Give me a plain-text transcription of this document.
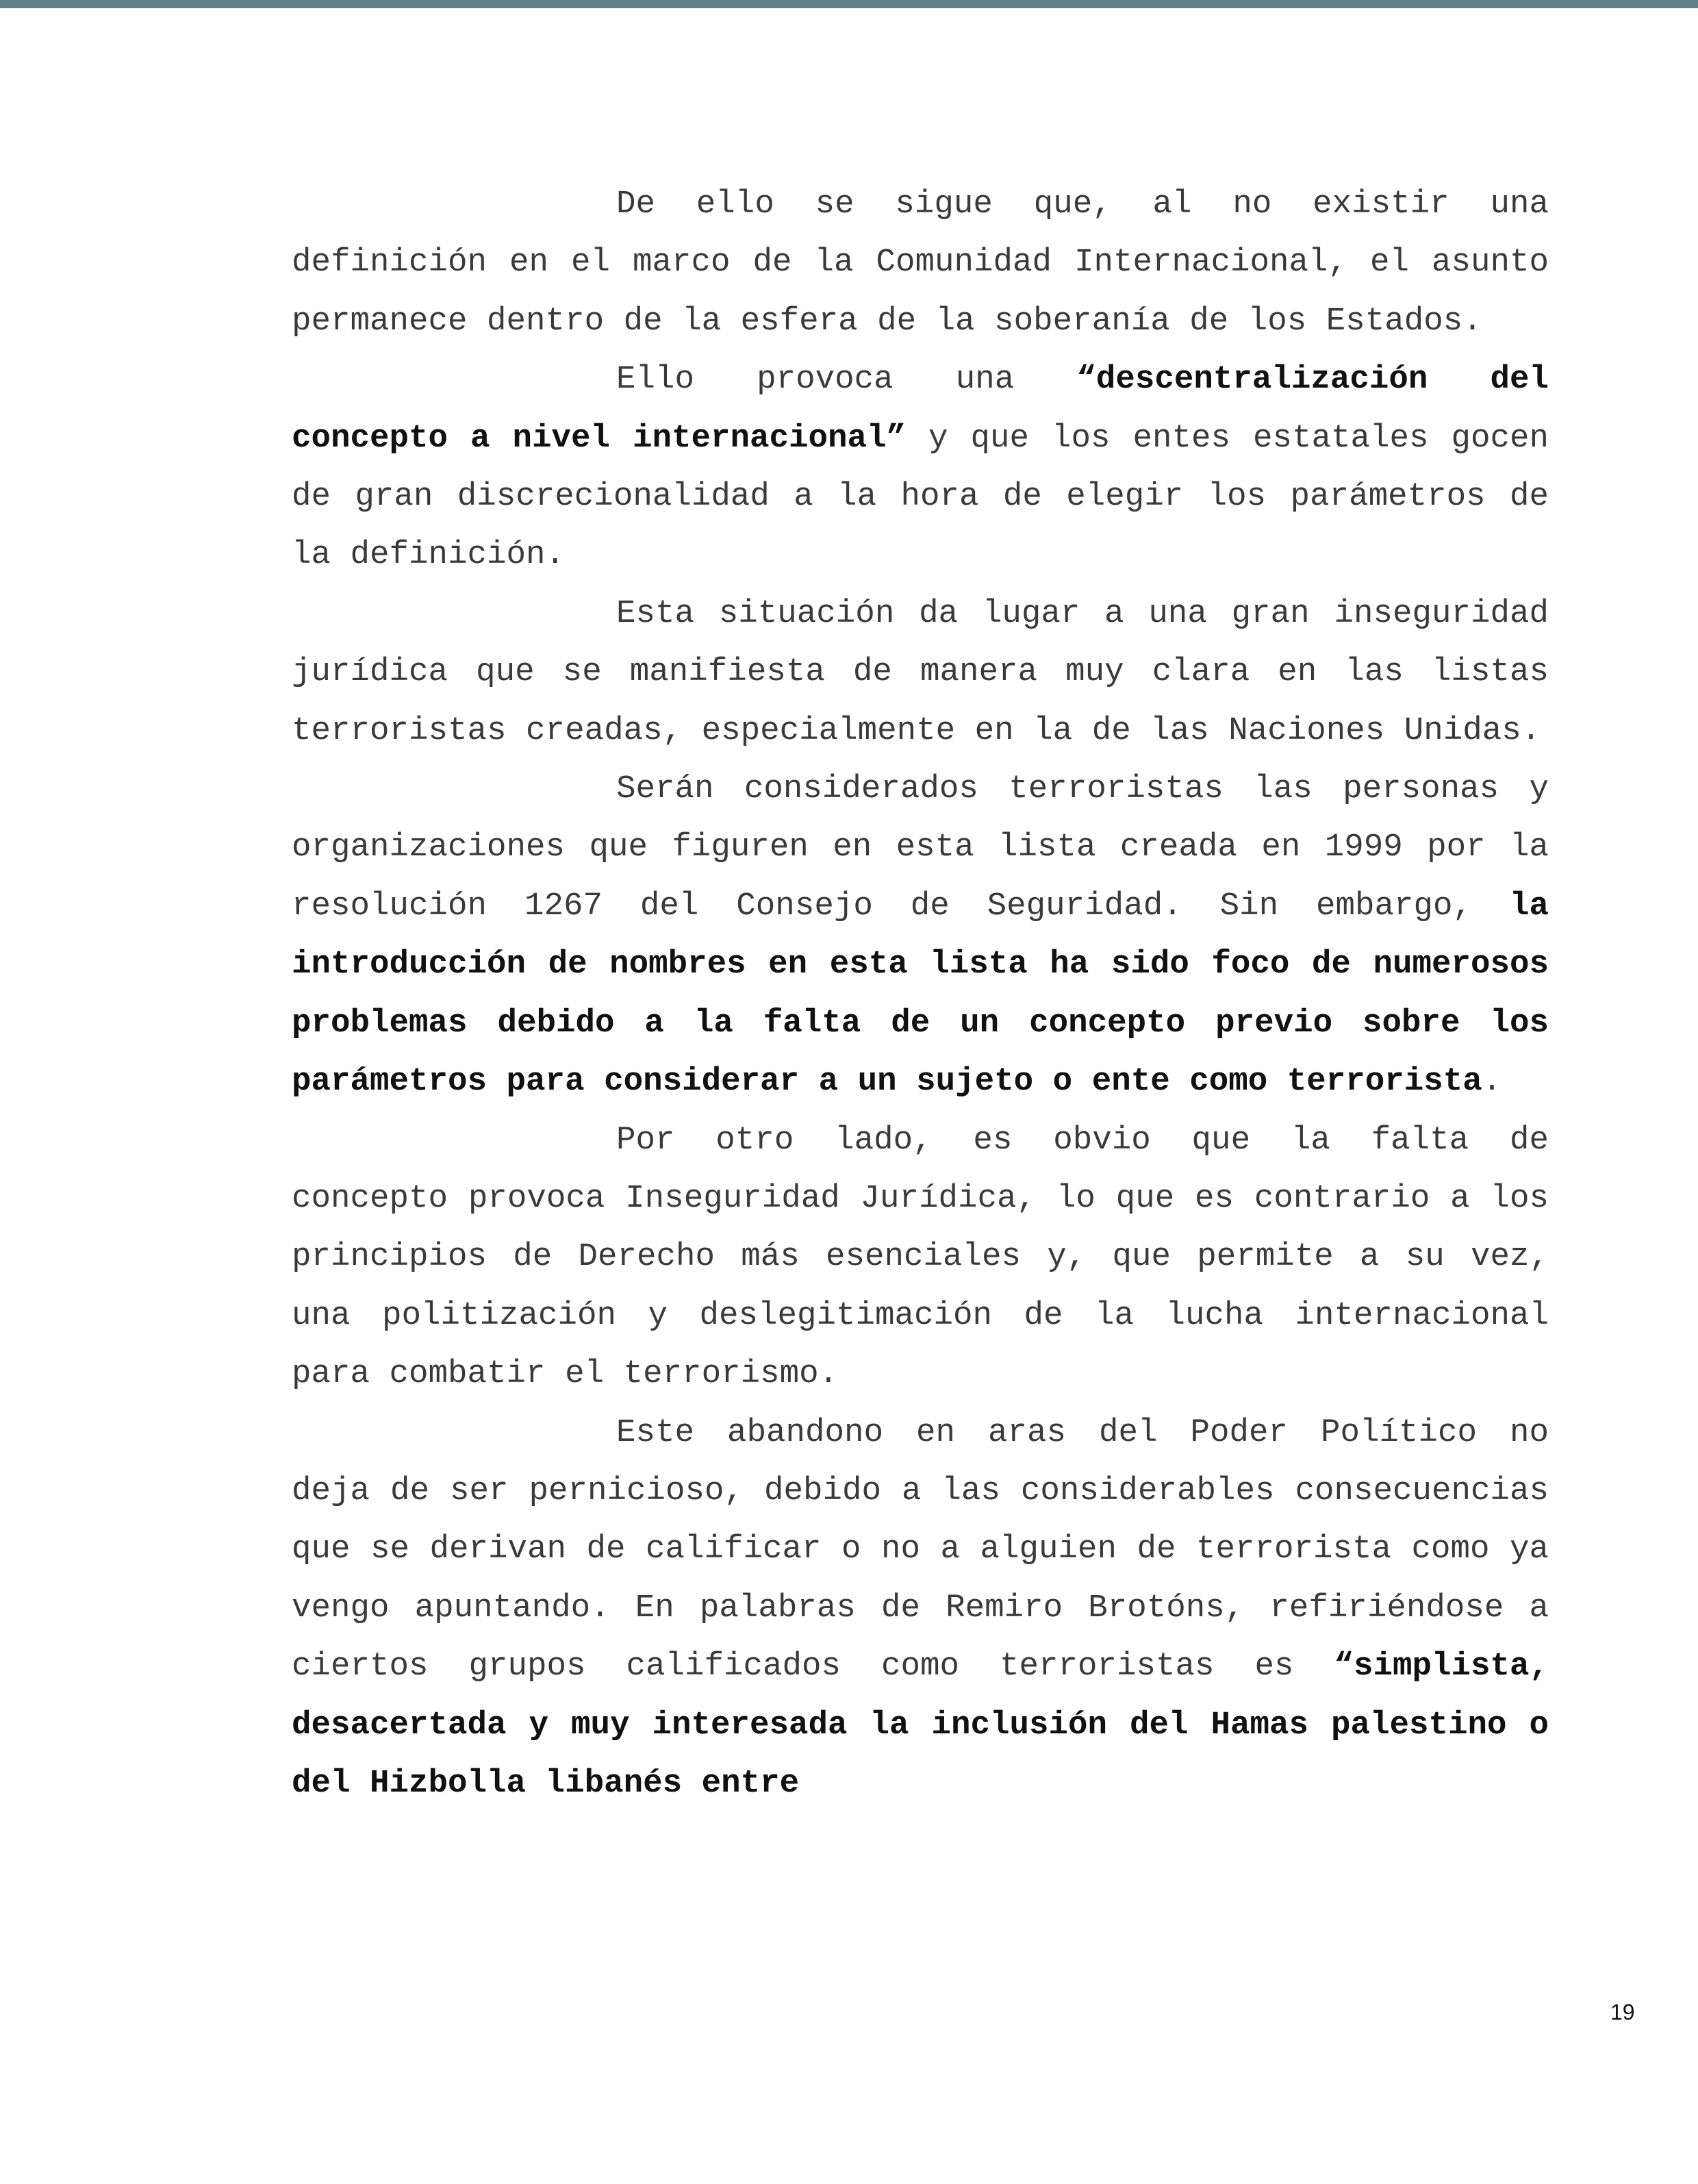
De ello se sigue que, al no existir una definición en el marco de la Comunidad Internacional, el asunto permanece dentro de la esfera de la soberanía de los Estados.

Ello provoca una “descentralización del concepto a nivel internacional” y que los entes estatales gocen de gran discrecionalidad a la hora de elegir los parámetros de la definición.

Esta situación da lugar a una gran inseguridad jurídica que se manifiesta de manera muy clara en las listas terroristas creadas, especialmente en la de las Naciones Unidas.

Serán considerados terroristas las personas y organizaciones que figuren en esta lista creada en 1999 por la resolución 1267 del Consejo de Seguridad. Sin embargo, la introducción de nombres en esta lista ha sido foco de numerosos problemas debido a la falta de un concepto previo sobre los parámetros para considerar a un sujeto o ente como terrorista.

Por otro lado, es obvio que la falta de concepto provoca Inseguridad Jurídica, lo que es contrario a los principios de Derecho más esenciales y, que permite a su vez, una politización y deslegitimación de la lucha internacional para combatir el terrorismo.

Este abandono en aras del Poder Político no deja de ser pernicioso, debido a las considerables consecuencias que se derivan de calificar o no a alguien de terrorista como ya vengo apuntando. En palabras de Remiro Brotóns, refiriéndose a ciertos grupos calificados como terroristas es “simplista, desacertada y muy interesada la inclusión del Hamas palestino o del Hizbolla libanés entre

19
